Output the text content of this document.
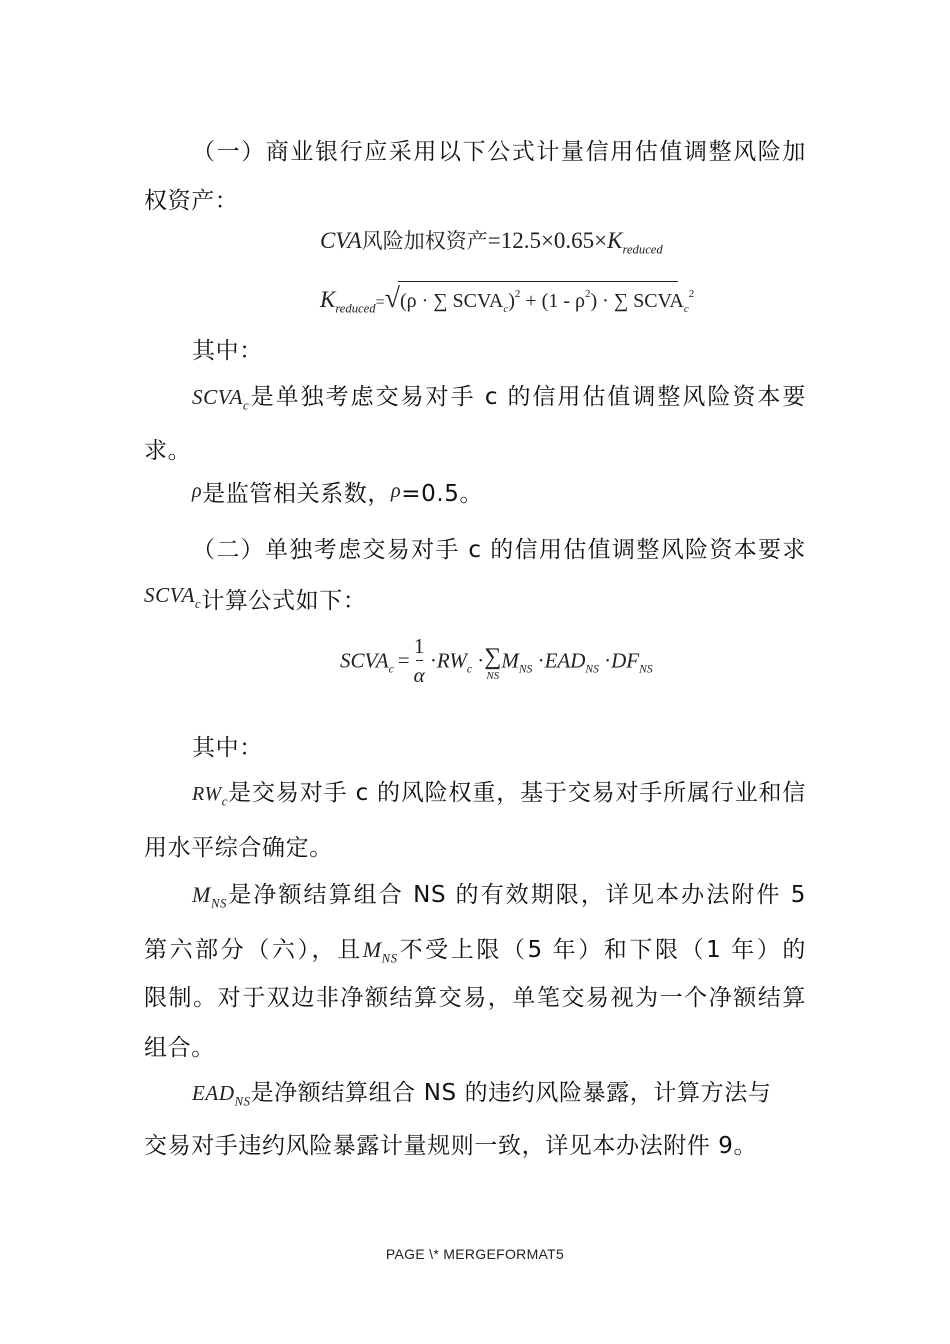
（一）商业银行应采用以下公式计量信用估值调整风险加
权资产：
CVA风险加权资产$=12.5\times 0.65\times K_{reduced}$
$K_{reduced}=√(\rho$ · ∑ $SCVA_c)^2 + (1 - \rho^2)$ · ∑ $SCVA_c^2$
其中：
$SCVA_c$是单独考虑交易对手 c 的信用估值调整风险资本要
求。
ρ是监管相关系数，ρ=0.5。
（二）单独考虑交易对手 c 的信用估值调整风险资本要求
SCVAc计算公式如下：
$SCVA_c = \frac{1}{\alpha} \cdot RW_c$ · ∑
NS
$M_{NS} \cdot EAD_{NS} \cdot DF_{NS}$
其中：
$RW_c$是交易对手 c 的风险权重，基于交易对手所属行业和信
用水平综合确定。
$M_{NS}$是净额结算组合 NS 的有效期限，详见本办法附件 5
第六部分（六），且$M_{NS}$不受上限（5 年）和下限（1 年）的
限制。对于双边非净额结算交易，单笔交易视为一个净额结算
组合。
$EAD_{NS}$是净额结算组合 NS 的违约风险暴露，计算方法与
交易对手违约风险暴露计量规则一致，详见本办法附件 9。
PAGE \* MERGEFORMAT5
